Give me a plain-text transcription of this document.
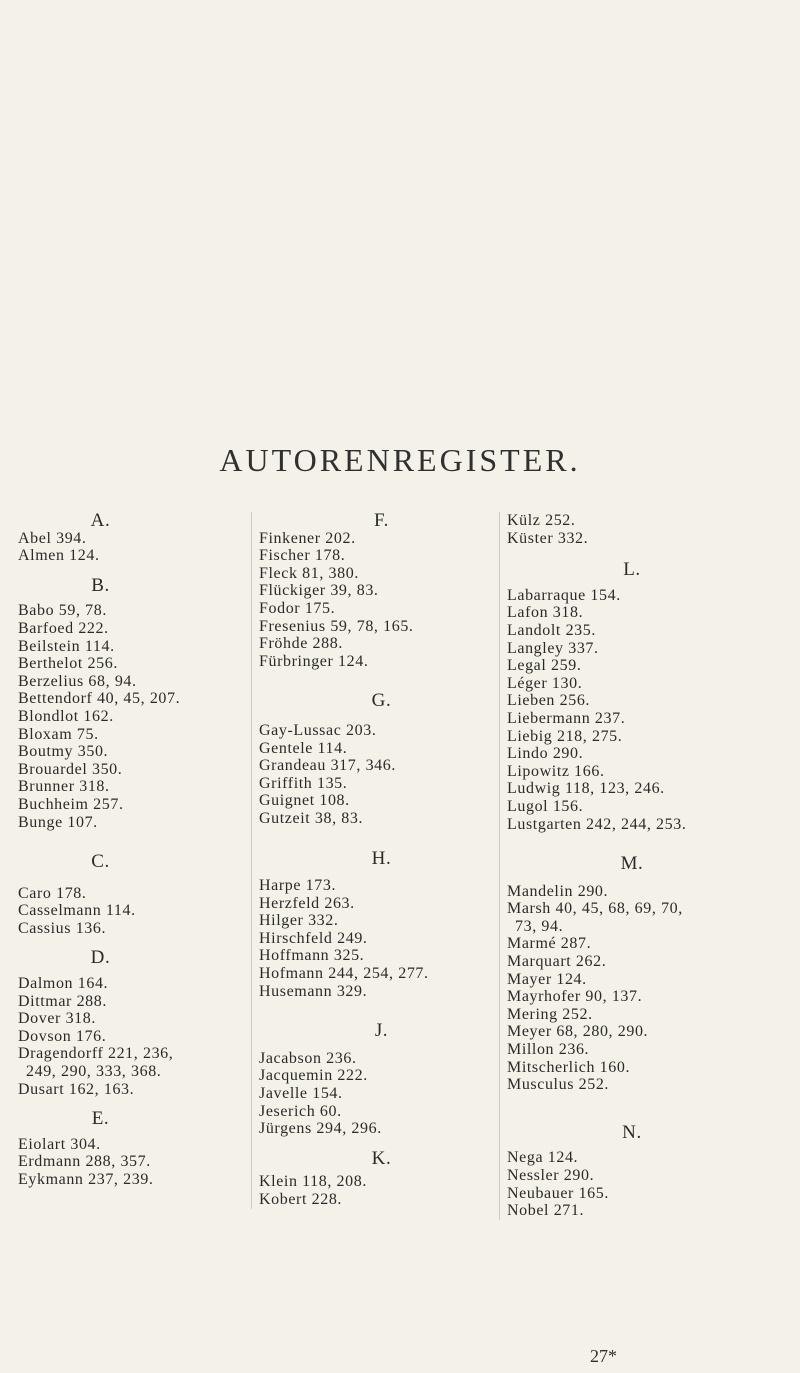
AUTORENREGISTER.
A.
Abel 394.
Almen 124.
B.
Babo 59, 78.
Barfoed 222.
Beilstein 114.
Berthelot 256.
Berzelius 68, 94.
Bettendorf 40, 45, 207.
Blondlot 162.
Bloxam 75.
Boutmy 350.
Brouardel 350.
Brunner 318.
Buchheim 257.
Bunge 107.
C.
Caro 178.
Casselmann 114.
Cassius 136.
D.
Dalmon 164.
Dittmar 288.
Dover 318.
Dovson 176.
Dragendorff 221, 236,
249, 290, 333, 368.
Dusart 162, 163.
E.
Eiolart 304.
Erdmann 288, 357.
Eykmann 237, 239.
F.
Finkener 202.
Fischer 178.
Fleck 81, 380.
Flückiger 39, 83.
Fodor 175.
Fresenius 59, 78, 165.
Fröhde 288.
Fürbringer 124.
G.
Gay-Lussac 203.
Gentele 114.
Grandeau 317, 346.
Griffith 135.
Guignet 108.
Gutzeit 38, 83.
H.
Harpe 173.
Herzfeld 263.
Hilger 332.
Hirschfeld 249.
Hoffmann 325.
Hofmann 244, 254, 277.
Husemann 329.
J.
Jacabson 236.
Jacquemin 222.
Javelle 154.
Jeserich 60.
Jürgens 294, 296.
K.
Klein 118, 208.
Kobert 228.
Külz 252.
Küster 332.
L.
Labarraque 154.
Lafon 318.
Landolt 235.
Langley 337.
Legal 259.
Léger 130.
Lieben 256.
Liebermann 237.
Liebig 218, 275.
Lindo 290.
Lipowitz 166.
Ludwig 118, 123, 246.
Lugol 156.
Lustgarten 242, 244, 253.
M.
Mandelin 290.
Marsh 40, 45, 68, 69, 70,
73, 94.
Marmé 287.
Marquart 262.
Mayer 124.
Mayrhofer 90, 137.
Mering 252.
Meyer 68, 280, 290.
Millon 236.
Mitscherlich 160.
Musculus 252.
N.
Nega 124.
Nessler 290.
Neubauer 165.
Nobel 271.
27*
